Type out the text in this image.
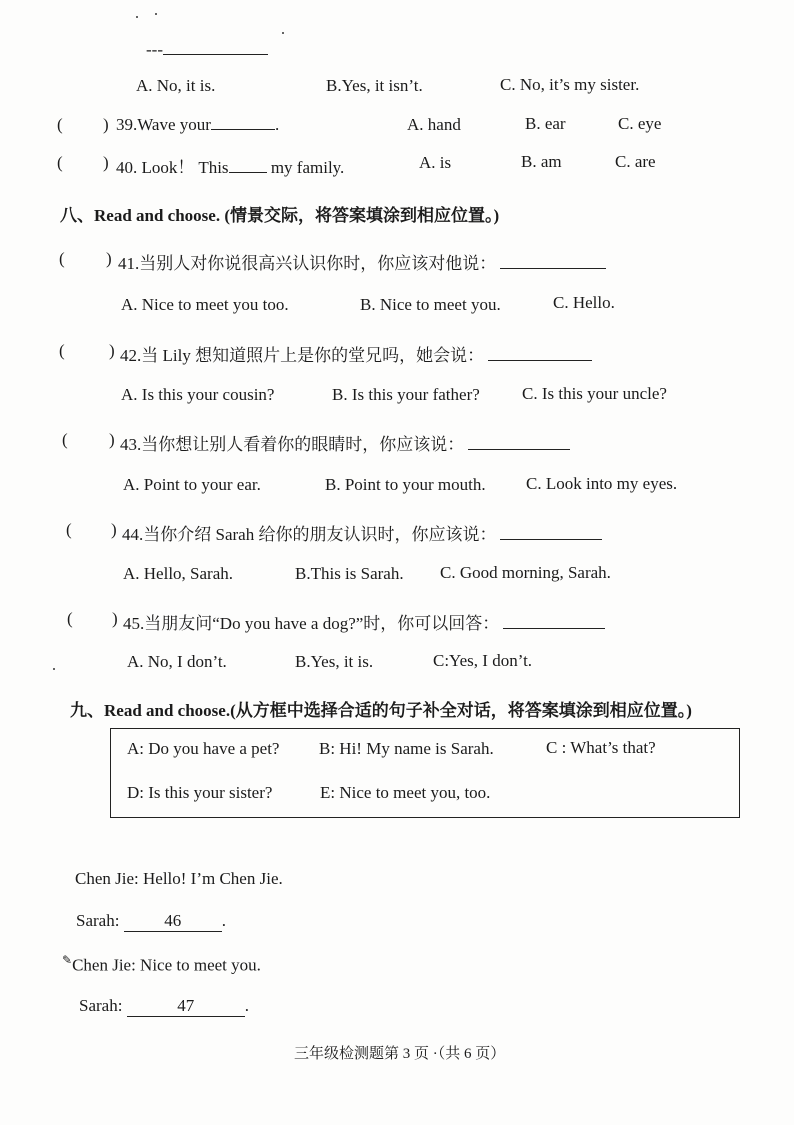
---
A. No, it is.	B.Yes, it isn’t.	C. No, it’s my sister.
( ) 39.Wave your	.	A. hand	B. ear	C. eye
( ) 40. Look！ This my family.	A. is	B. am	C. are
八、Read and choose. (情景交际，将答案填涂到相应位置。)
( ) 41.当别人对你说很高兴认识你时，你应该对他说：
A. Nice to meet you too.	B. Nice to meet you.	C. Hello.
(	) 42.当 Lily 想知道照片上是你的堂兄吗，她会说：
A. Is this your cousin?	B. Is this your father? C. Is this your uncle?
( ) 43.当你想让别人看着你的眼睛时，你应该说：
A. Point to your ear.	B. Point to your mouth. C. Look into my eyes.
( ) 44.当你介绍 Sarah 给你的朋友认识时，你应该说：
A. Hello, Sarah.	B.This is Sarah. C. Good morning, Sarah.
( ) 45.当朋友问“Do you have a dog?”时，你可以回答：
A. No, I don’t.	B.Yes, it is.	C:Yes, I don’t.
九、Read and choose.(从方框中选择合适的句子补全对话，将答案填涂到相应位置。)
A: Do you have a pet? B: Hi! My name is Sarah.	C : What’s that?
D: Is this your sister?	E: Nice to meet you, too.
Chen Jie: Hello! I’m Chen Jie.
Sarah:	46 .
✎Chen Jie: Nice to meet you.
Sarah:	47	.
三年级检测题第 3 页 ·（共 6 页）
